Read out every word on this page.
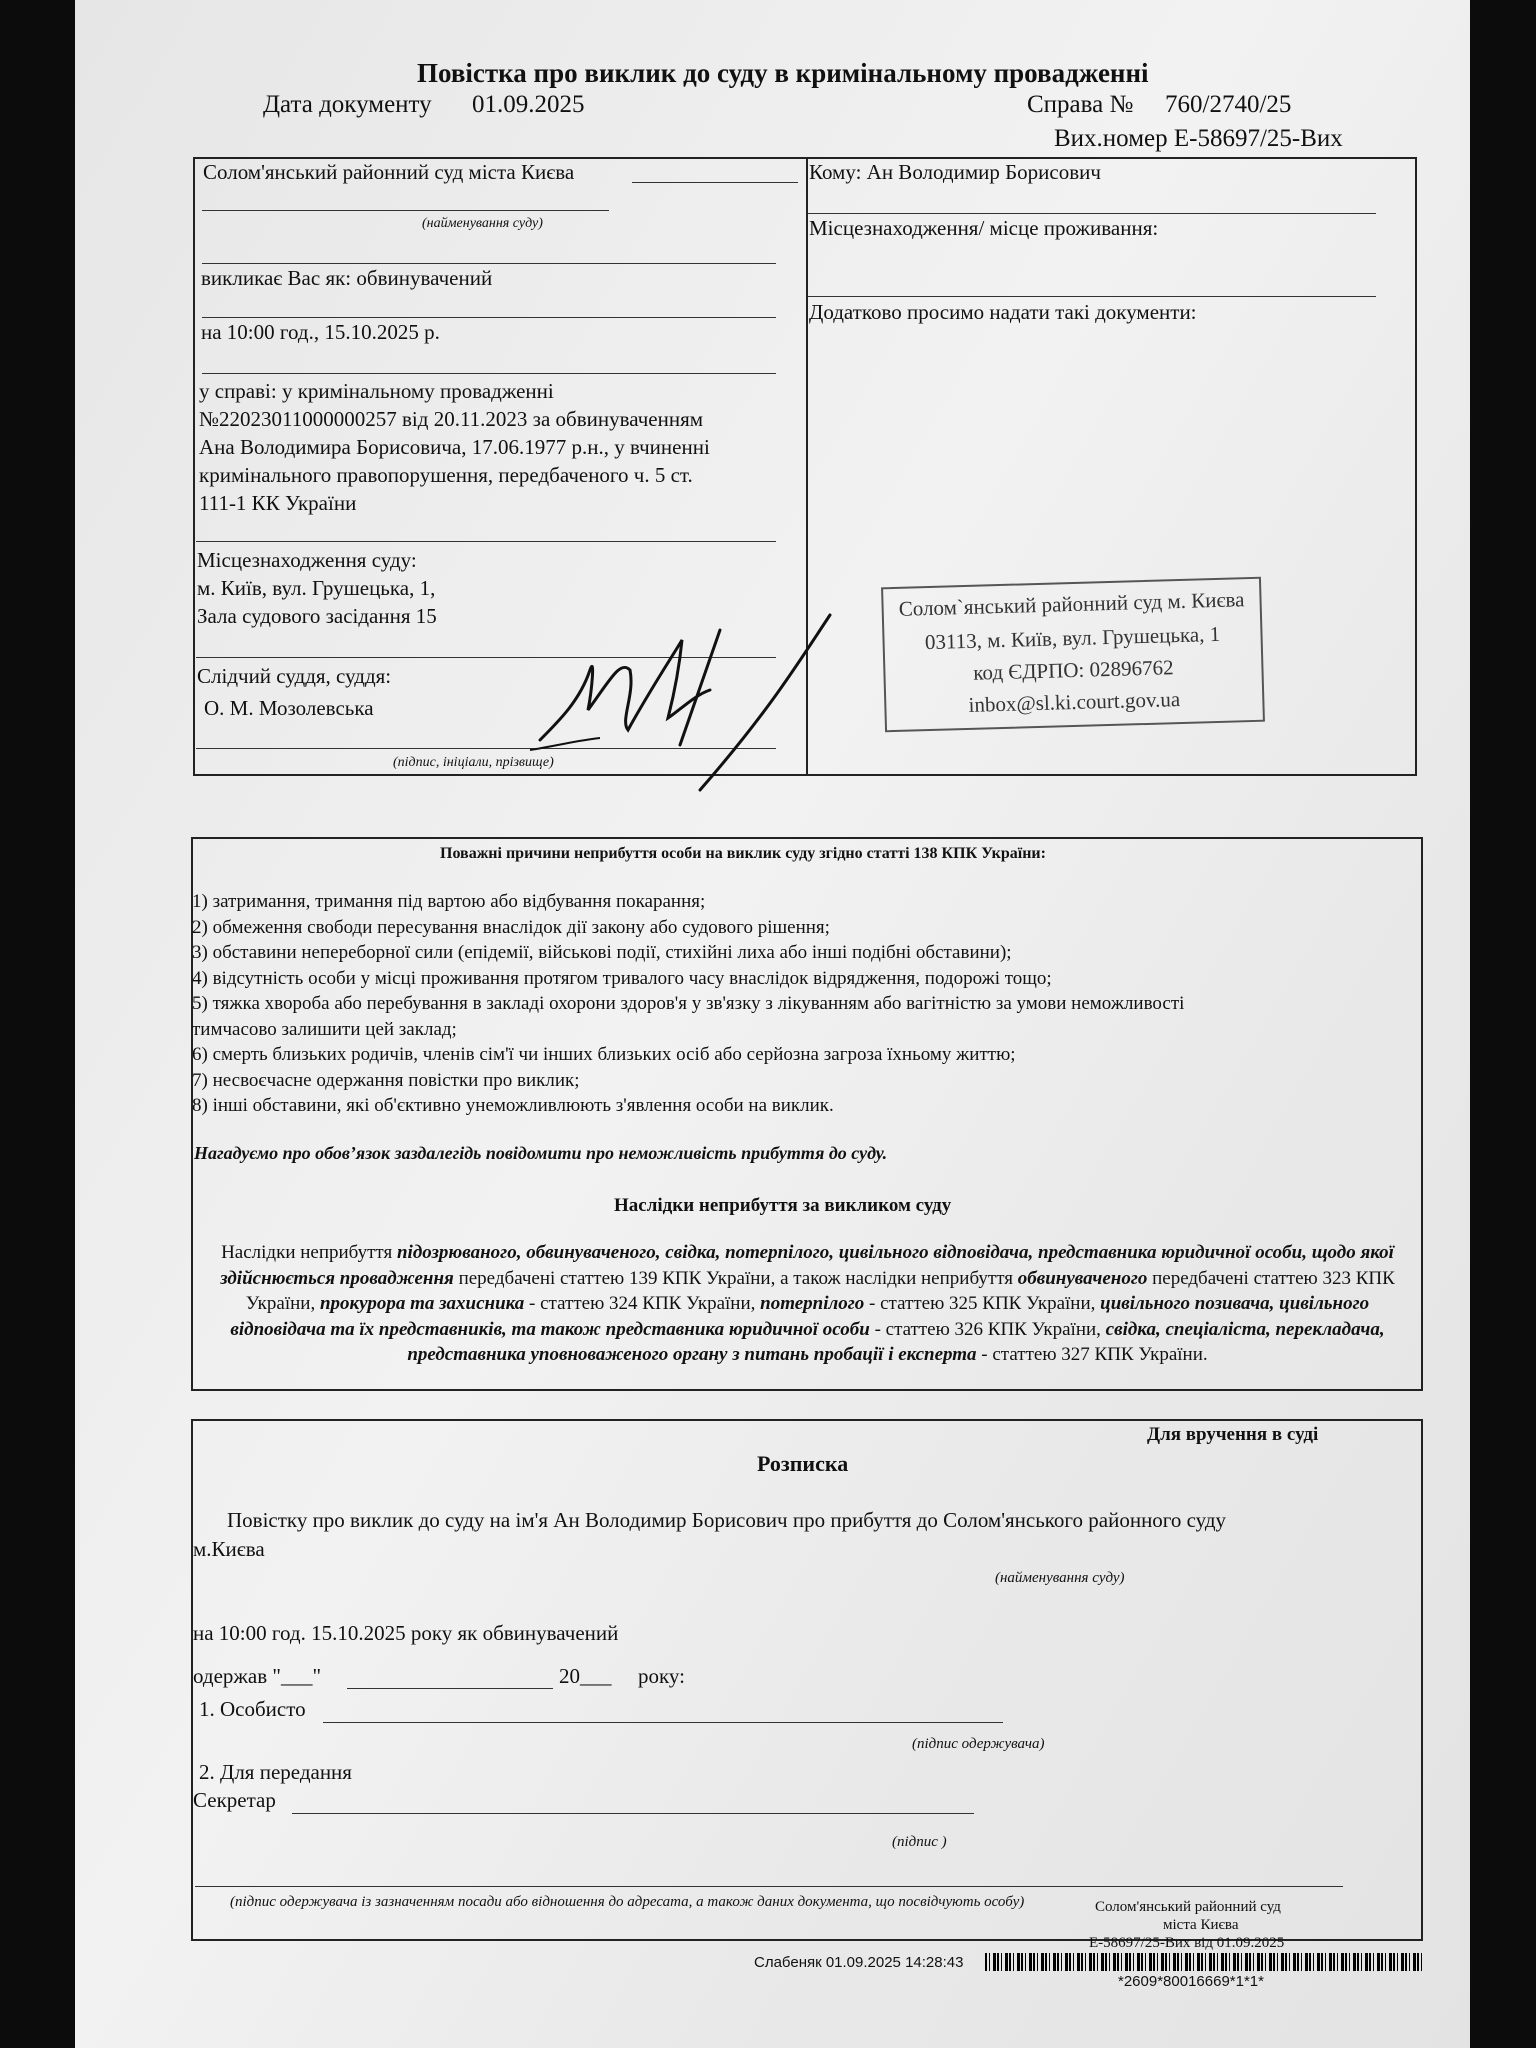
Повістка про виклик до суду в кримінальному провадженні
Дата документу 01.09.2025	Справа № 760/2740/25
Вих.номер Е-58697/25-Вих
Солом'янський районний суд міста Києва
(найменування суду)
викликає Вас як: обвинувачений
на 10:00 год., 15.10.2025 р.
у справі: у кримінальному провадженні
№22023011000000257 від 20.11.2023 за обвинуваченням
Ана Володимира Борисовича, 17.06.1977 р.н., у вчиненні
кримінального правопорушення, передбаченого ч. 5 ст.
111-1 КК України
Місцезнаходження суду:
м. Київ, вул. Грушецька, 1,
Зала судового засідання 15
Слідчий суддя, суддя:
О. М. Мозолевська
(підпис, ініціали, прізвище)
Кому: Ан Володимир Борисович
Місцезнаходження/ місце проживання:
Додатково просимо надати такі документи:
Солом`янський районний суд м. Києва
03113, м. Київ, вул. Грушецька, 1
код ЄДРПО: 02896762
inbox@sl.ki.court.gov.ua
Поважні причини неприбуття особи на виклик суду згідно статті 138 КПК України:

1) затримання, тримання під вартою або відбування покарання;

2) обмеження свободи пересування внаслідок дії закону або судового рішення;

3) обставини непереборної сили (епідемії, військові події, стихійні лиха або інші подібні обставини);

4) відсутність особи у місці проживання протягом тривалого часу внаслідок відрядження, подорожі тощо;

5) тяжка хвороба або перебування в закладі охорони здоров'я у зв'язку з лікуванням або вагітністю за умови неможливості

тимчасово залишити цей заклад;

6) смерть близьких родичів, членів сім'ї чи інших близьких осіб або серйозна загроза їхньому життю;

7) несвоєчасне одержання повістки про виклик;

8) інші обставини, які об'єктивно унеможливлюють з'явлення особи на виклик.

Нагадуємо про обов’язок заздалегідь повідомити про неможливість прибуття до суду.
Наслідки неприбуття за викликом суду
Наслідки неприбуття підозрюваного, обвинуваченого, свідка, потерпілого, цивільного відповідача, представника юридичної особи, щодо якої здійснюється провадження передбачені статтею 139 КПК України, а також наслідки неприбуття обвинуваченого передбачені статтею 323 КПК України, прокурора та захисника - статтею 324 КПК України, потерпілого - статтею 325 КПК України, цивільного позивача, цивільного відповідача та їх представників, та також представника юридичної особи - статтею 326 КПК України, свідка, спеціаліста, перекладача, представника уповноваженого органу з питань пробації і експерта - статтею 327 КПК України.
Для вручення в суді
Розписка
Повістку про виклик до суду на ім'я Ан Володимир Борисович про прибуття до Солом'янського районного суду
м.Києва
(найменування суду)
на 10:00 год. 15.10.2025 року як обвинувачений
одержав "___"	20___ року:
1. Особисто
(підпис одержувача)
2. Для передання
Секретар
(підпис )
(підпис одержувача із зазначенням посади або відношення до адресата, а також даних документа, що посвідчують особу)	Солом'янський районний суд
міста Києва
Е-58697/25-Вих від 01.09.2025
Слабеняк 01.09.2025 14:28:43
*2609*80016669*1*1*
